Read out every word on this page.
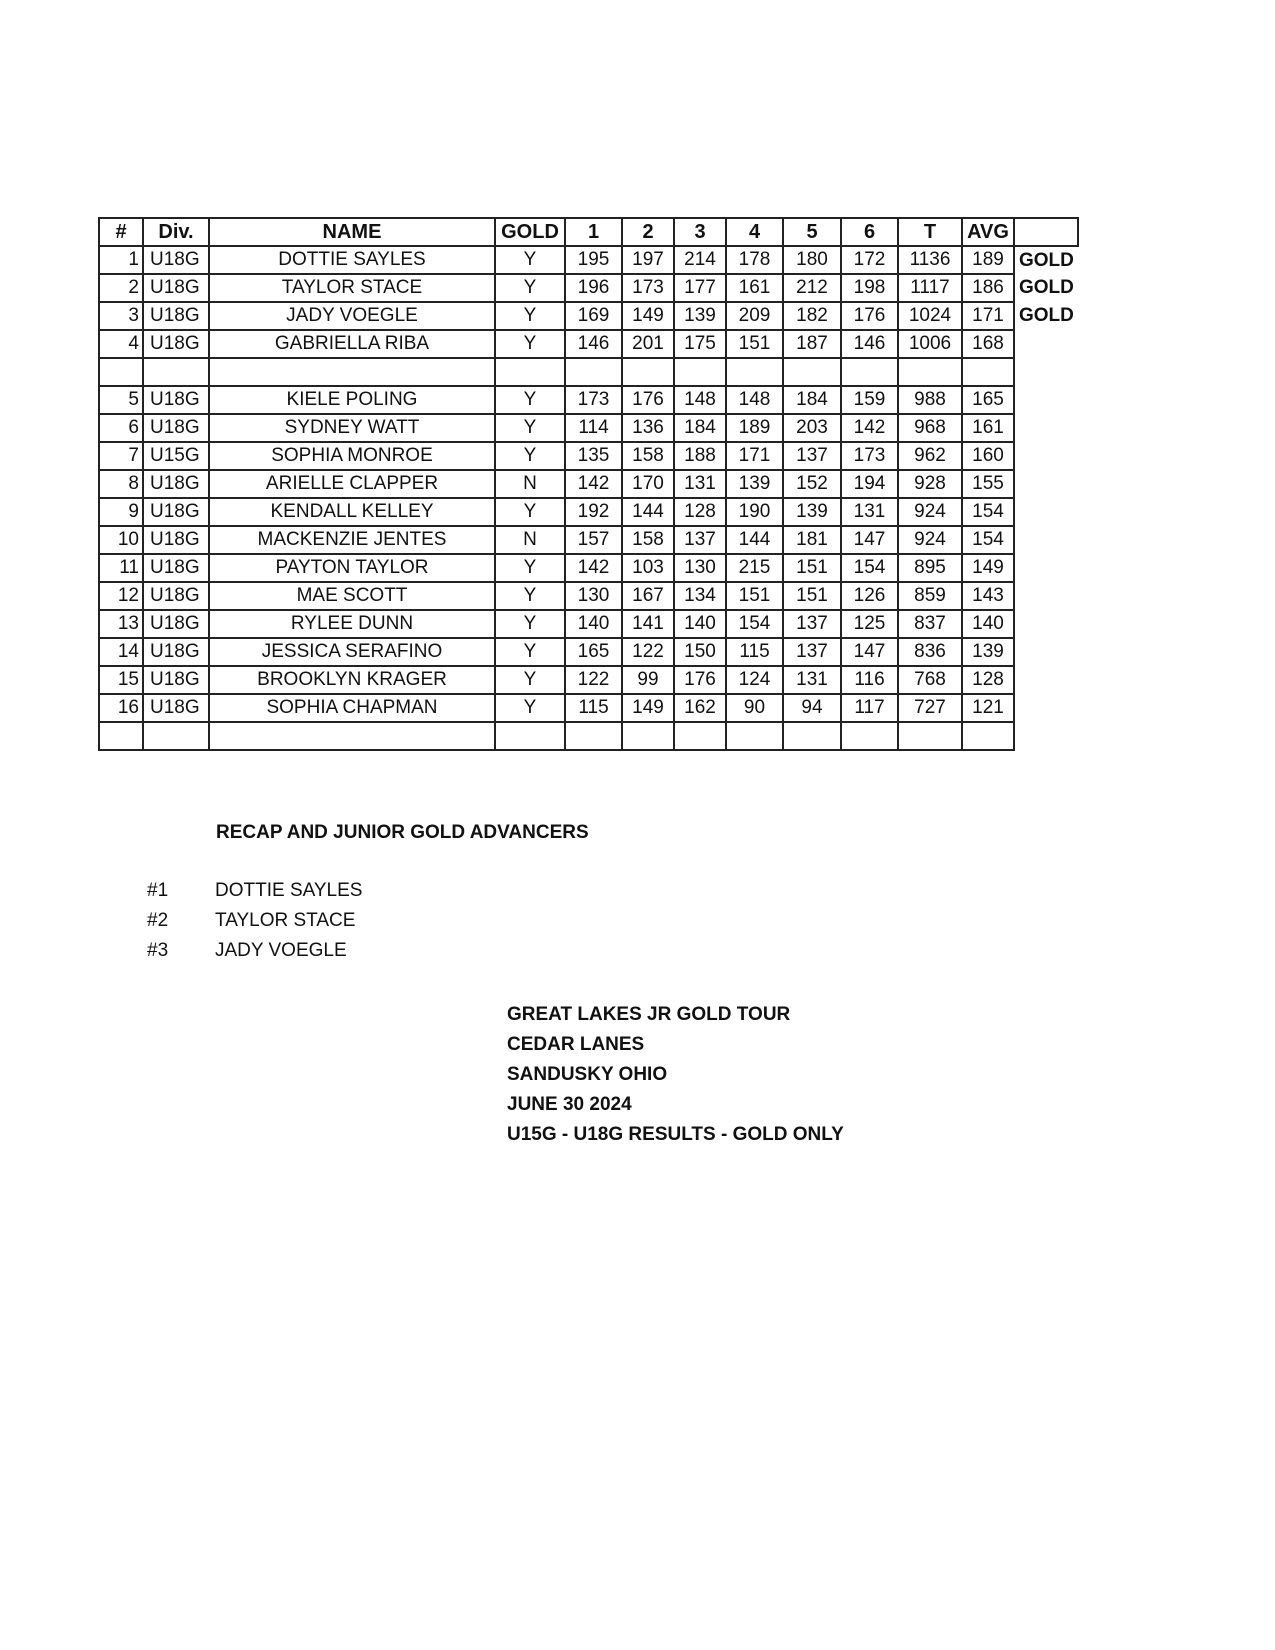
#	Div.	NAME	GOLD	1	2	3	4	5	6	T	AVG	
1	U18G	DOTTIE SAYLES	Y	195	197	214	178	180	172	1136	189	GOLD
2	U18G	TAYLOR STACE	Y	196	173	177	161	212	198	1117	186	GOLD
3	U18G	JADY VOEGLE	Y	169	149	139	209	182	176	1024	171	GOLD
4	U18G	GABRIELLA RIBA	Y	146	201	175	151	187	146	1006	168	

5	U18G	KIELE POLING	Y	173	176	148	148	184	159	988	165	
6	U18G	SYDNEY WATT	Y	114	136	184	189	203	142	968	161	
7	U15G	SOPHIA MONROE	Y	135	158	188	171	137	173	962	160	
8	U18G	ARIELLE CLAPPER	N	142	170	131	139	152	194	928	155	
9	U18G	KENDALL KELLEY	Y	192	144	128	190	139	131	924	154	
10	U18G	MACKENZIE JENTES	N	157	158	137	144	181	147	924	154	
11	U18G	PAYTON TAYLOR	Y	142	103	130	215	151	154	895	149	
12	U18G	MAE SCOTT	Y	130	167	134	151	151	126	859	143	
13	U18G	RYLEE DUNN	Y	140	141	140	154	137	125	837	140	
14	U18G	JESSICA SERAFINO	Y	165	122	150	115	137	147	836	139	
15	U18G	BROOKLYN KRAGER	Y	122	99	176	124	131	116	768	128	
16	U18G	SOPHIA CHAPMAN	Y	115	149	162	90	94	117	727	121	

RECAP AND JUNIOR GOLD ADVANCERS
#1	DOTTIE SAYLES
#2	TAYLOR STACE
#3	JADY VOEGLE
GREAT LAKES JR GOLD TOUR
CEDAR LANES
SANDUSKY OHIO
JUNE 30 2024
U15G - U18G RESULTS - GOLD ONLY
